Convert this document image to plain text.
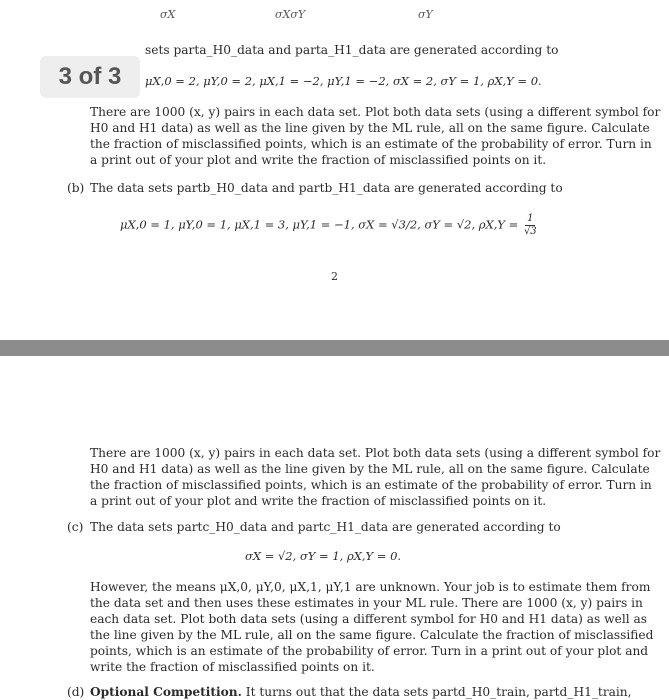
σX	σXσY	σY
sets parta_H0_data and parta_H1_data are generated according to
3 of 3	μX,0 = 2, μY,0 = 2, μX,1 = −2, μY,1 = −2, σX = 2, σY = 1, ρX,Y = 0.
There are 1000 (x, y) pairs in each data set. Plot both data sets (using a different symbol for
H0 and H1 data) as well as the line given by the ML rule, all on the same figure. Calculate
the fraction of misclassified points, which is an estimate of the probability of error. Turn in
a print out of your plot and write the fraction of misclassified points on it.
(b) The data sets partb_H0_data and partb_H1_data are generated according to
μX,0 = 1, μY,0 = 1, μX,1 = 3, μY,1 = −1, σX = √3/2, σY = √2, $\rho X,Y = \frac{1}{√3}$
2
There are 1000 (x, y) pairs in each data set. Plot both data sets (using a different symbol for
H0 and H1 data) as well as the line given by the ML rule, all on the same figure. Calculate
the fraction of misclassified points, which is an estimate of the probability of error. Turn in
a print out of your plot and write the fraction of misclassified points on it.
(c) The data sets partc_H0_data and partc_H1_data are generated according to
σX = √2, σY = 1, ρX,Y = 0.
However, the means μX,0, μY,0, μX,1, μY,1 are unknown. Your job is to estimate them from
the data set and then uses these estimates in your ML rule. There are 1000 (x, y) pairs in
each data set. Plot both data sets (using a different symbol for H0 and H1 data) as well as
the line given by the ML rule, all on the same figure. Calculate the fraction of misclassified
points, which is an estimate of the probability of error. Turn in a print out of your plot and
write the fraction of misclassified points on it.
(d) Optional Competition. It turns out that the data sets partd_H0_train, partd_H1_train,
